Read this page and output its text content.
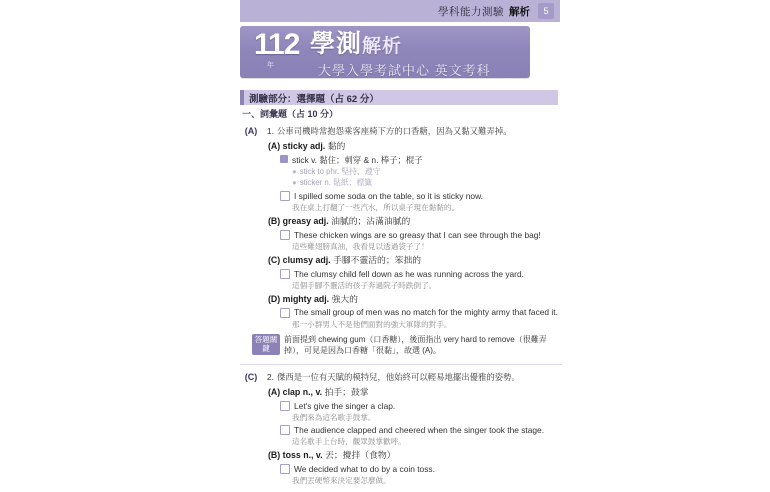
學科能力測驗 解析	5
112
年
學測解析
大學入學考試中心 英文考科
測驗部分：選擇題（占 62 分）
一、詞彙題（占 10 分）
(A)	1. 公車司機時常抱怨乘客座椅下方的口香糖，因為又黏又難弄掉。
(A) sticky adj. 黏的
stick v. 黏住；刺穿 & n. 棒子；棍子
● stick to phr. 堅持、遵守
● sticker n. 貼紙；標籤
I spilled some soda on the table, so it is sticky now.
我在桌上打翻了一些汽水，所以桌子現在黏黏的。
(B) greasy adj. 油膩的；沾滿油膩的
These chicken wings are so greasy that I can see through the bag!
這些雞翅膀真油，我看見以透過袋子了！
(C) clumsy adj. 手腳不靈活的；笨拙的
The clumsy child fell down as he was running across the yard.
這個手腳不靈活的孩子奔過院子時跌倒了。
(D) mighty adj. 強大的
The small group of men was no match for the mighty army that faced it.
那一小群男人不是他們面對的強大軍隊的對手。
答題關鍵
前面提到 chewing gum（口香糖），後面指出 very hard to remove（很難弄掉），可見是因為口香糖「很黏」，故選 (A)。
(C)	2. 傑西是一位有天賦的模特兒，他始終可以輕易地擺出優雅的姿勢。
(A) clap n., v. 拍手；鼓掌
Let's give the singer a clap.
我們來為這名歌手鼓掌。
The audience clapped and cheered when the singer took the stage.
這名歌手上台時，觀眾鼓掌歡呼。
(B) toss n., v. 丟；攪拌（食物）
We decided what to do by a coin toss.
我們丟硬幣來決定要怎麼做。
